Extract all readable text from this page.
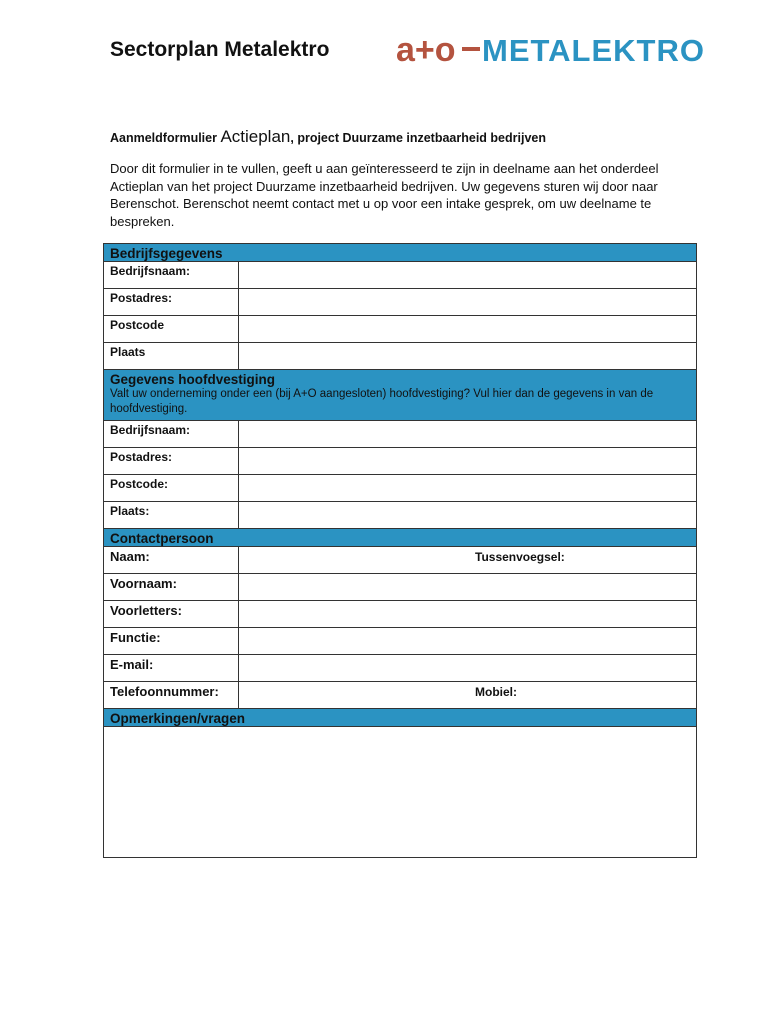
Sectorplan Metalektro a+o METALEKTRO
Aanmeldformulier Actieplan, project Duurzame inzetbaarheid bedrijven
Door dit formulier in te vullen, geeft u aan geïnteresseerd te zijn in deelname aan het onderdeel Actieplan van het project Duurzame inzetbaarheid bedrijven. Uw gegevens sturen wij door naar Berenschot. Berenschot neemt contact met u op voor een intake gesprek, om uw deelname te bespreken.
Bedrijfsgegevens
Bedrijfsnaam:
Postadres:
Postcode
Plaats
Gegevens hoofdvestiging
Valt uw onderneming onder een (bij A+O aangesloten) hoofdvestiging? Vul hier dan de gegevens in van de hoofdvestiging.
Bedrijfsnaam:
Postadres:
Postcode:
Plaats:
Contactpersoon
Naam:	Tussenvoegsel:
Voornaam:
Voorletters:
Functie:
E-mail:
Telefoonnummer:	Mobiel:
Opmerkingen/vragen
